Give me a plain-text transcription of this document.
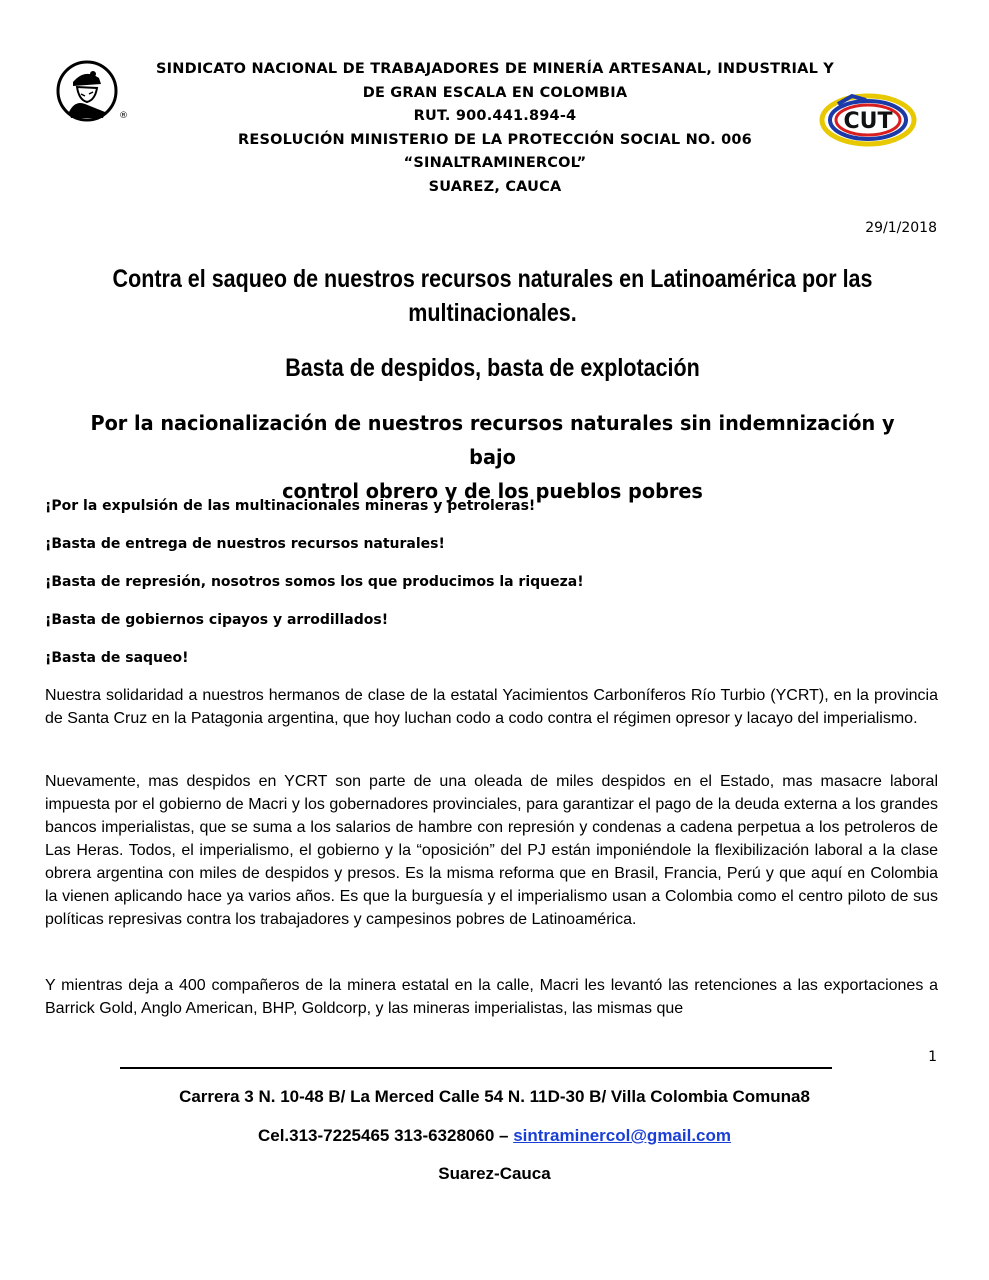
®	CUT
SINDICATO NACIONAL DE TRABAJADORES DE MINERÍA ARTESANAL, INDUSTRIAL Y
DE GRAN ESCALA EN COLOMBIA
RUT. 900.441.894-4
RESOLUCIÓN MINISTERIO DE LA PROTECCIÓN SOCIAL NO. 006
“SINALTRAMINERCOL”
SUAREZ, CAUCA
29/1/2018
Contra el saqueo de nuestros recursos naturales en Latinoamérica por las
multinacionales.
Basta de despidos, basta de explotación
Por la nacionalización de nuestros recursos naturales sin indemnización y bajo
control obrero y de los pueblos pobres
¡Por la expulsión de las multinacionales mineras y petroleras!
¡Basta de entrega de nuestros recursos naturales!
¡Basta de represión, nosotros somos los que producimos la riqueza!
¡Basta de gobiernos cipayos y arrodillados!
¡Basta de saqueo!
Nuestra solidaridad a nuestros hermanos de clase de la estatal Yacimientos Carboníferos Río Turbio (YCRT), en la provincia de Santa Cruz en la Patagonia argentina, que hoy luchan codo a codo contra el régimen opresor y lacayo del imperialismo.
Nuevamente, mas despidos en YCRT son parte de una oleada de miles despidos en el Estado, mas masacre laboral impuesta por el gobierno de Macri y los gobernadores provinciales, para garantizar el pago de la deuda externa a los grandes bancos imperialistas, que se suma a los salarios de hambre con represión y condenas a cadena perpetua a los petroleros de Las Heras. Todos, el imperialismo, el gobierno y la “oposición” del PJ están imponiéndole la flexibilización laboral a la clase obrera argentina con miles de despidos y presos. Es la misma reforma que en Brasil, Francia, Perú y que aquí en Colombia la vienen aplicando hace ya varios años. Es que la burguesía y el imperialismo usan a Colombia como el centro piloto de sus políticas represivas contra los trabajadores y campesinos pobres de Latinoamérica.
Y mientras deja a 400 compañeros de la minera estatal en la calle, Macri les levantó las retenciones a las exportaciones a Barrick Gold, Anglo American, BHP, Goldcorp, y las mineras imperialistas, las mismas que
1
Carrera 3 N. 10-48 B/ La Merced Calle 54 N. 11D-30 B/ Villa Colombia Comuna8
Cel.313-7225465 313-6328060 – sintraminercol@gmail.com
Suarez-Cauca
